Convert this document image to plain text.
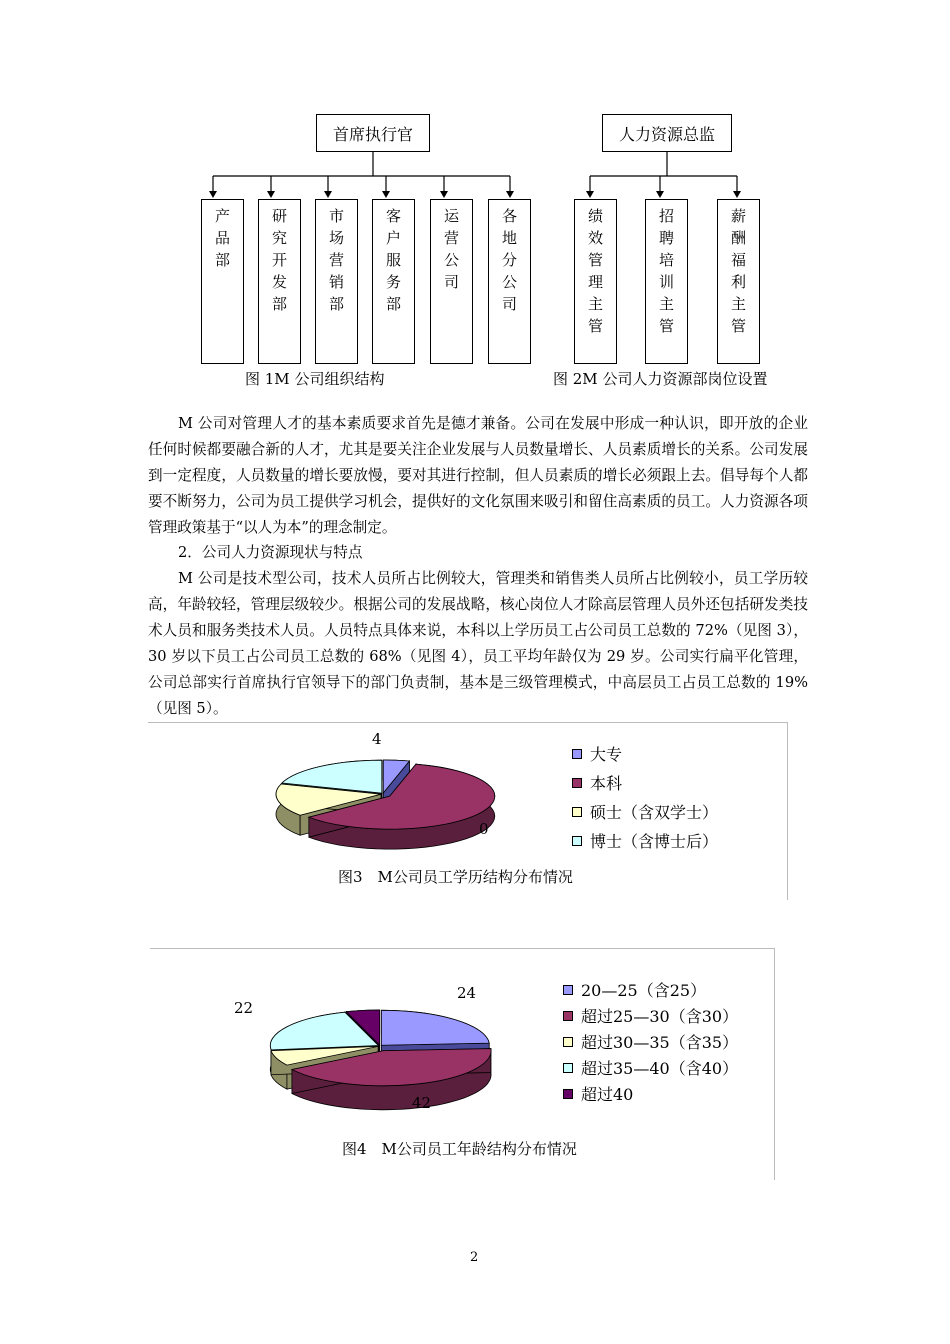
首席执行官
产品部	研究开发部	市场营销部	客户服务部	运营公司	各地分公司
图 1M 公司组织结构
人力资源总监
绩效管理主管	招聘培训主管	薪酬福利主管
图 2M 公司人力资源部岗位设置
M 公司对管理人才的基本素质要求首先是德才兼备。公司在发展中形成一种认识，即开放的企业任何时候都要融合新的人才，尤其是要关注企业发展与人员数量增长、人员素质增长的关系。公司发展到一定程度，人员数量的增长要放慢，要对其进行控制，但人员素质的增长必须跟上去。倡导每个人都要不断努力，公司为员工提供学习机会，提供好的文化氛围来吸引和留住高素质的员工。人力资源各项管理政策基于“以人为本”的理念制定。
2．公司人力资源现状与特点
M 公司是技术型公司，技术人员所占比例较大，管理类和销售类人员所占比例较小，员工学历较高，年龄较轻，管理层级较少。根据公司的发展战略，核心岗位人才除高层管理人员外还包括研发类技术人员和服务类技术人员。人员特点具体来说，本科以上学历员工占公司员工总数的 72%（见图 3），30 岁以下员工占公司员工总数的 68%（见图 4），员工平均年龄仅为 29 岁。公司实行扁平化管理，公司总部实行首席执行官领导下的部门负责制，基本是三级管理模式，中高层员工占员工总数的 19%（见图 5）。
4
0
大专
本科
硕士（含双学士）
博士（含博士后）
图3　M公司员工学历结构分布情况
24
42
22
20—25（含25）
超过25—30（含30）
超过30—35（含35）
超过35—40（含40）
超过40
图4　M公司员工年龄结构分布情况
2
